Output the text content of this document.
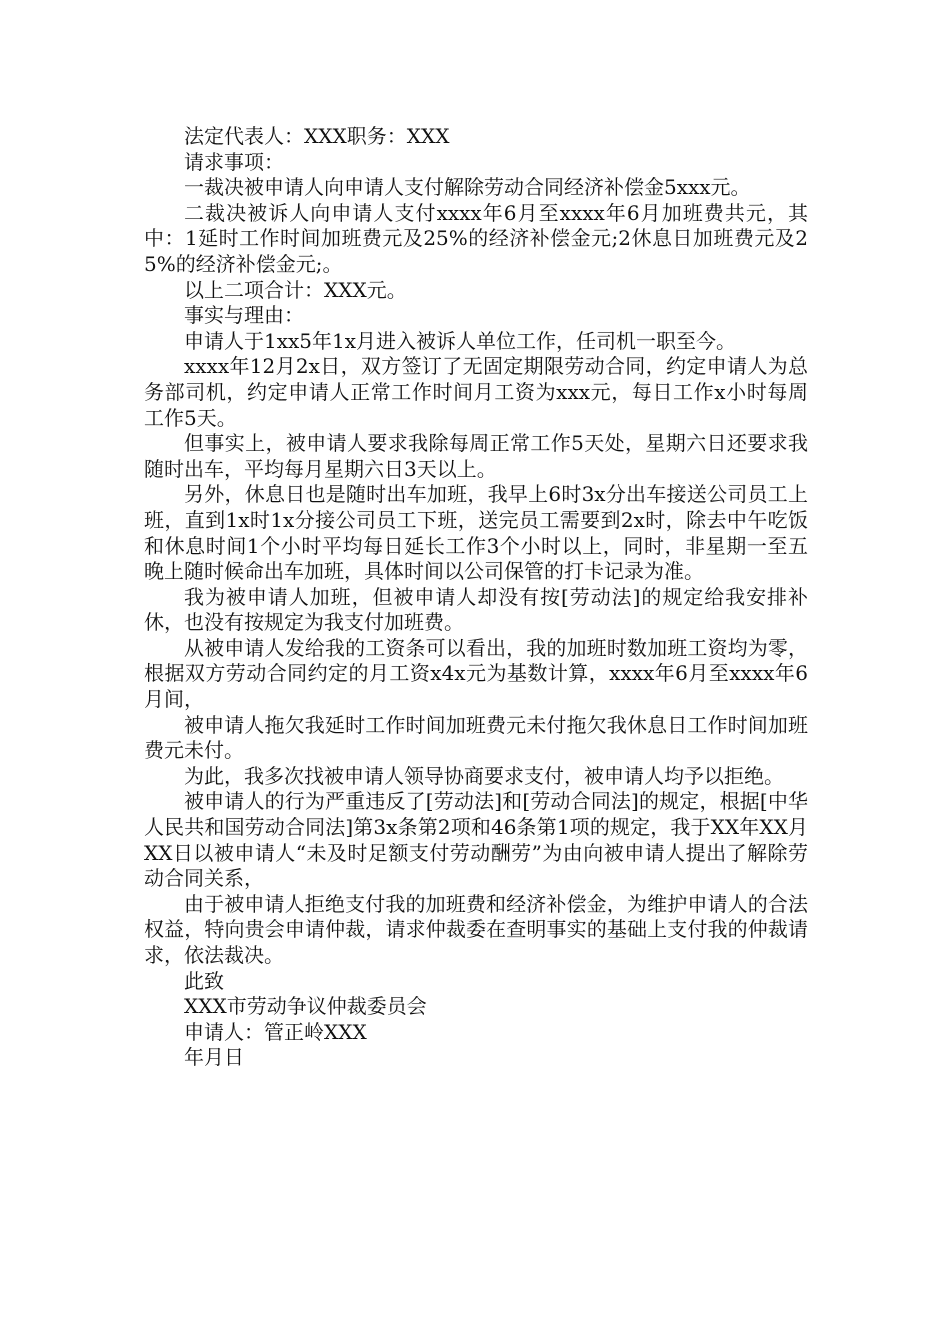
法定代表人：XXX职务：XXX

请求事项：

一裁决被申请人向申请人支付解除劳动合同经济补偿金5xxx元。

二裁决被诉人向申请人支付xxxx年6月至xxxx年6月加班费共元，其中：1延时工作时间加班费元及25%的经济补偿金元;2休息日加班费元及25%的经济补偿金元;。

以上二项合计：XXX元。

事实与理由：

申请人于1xx5年1x月进入被诉人单位工作，任司机一职至今。

xxxx年12月2x日，双方签订了无固定期限劳动合同，约定申请人为总务部司机，约定申请人正常工作时间月工资为xxx元，每日工作x小时每周工作5天。

但事实上，被申请人要求我除每周正常工作5天处，星期六日还要求我随时出车，平均每月星期六日3天以上。

另外，休息日也是随时出车加班，我早上6时3x分出车接送公司员工上班，直到1x时1x分接公司员工下班，送完员工需要到2x时，除去中午吃饭和休息时间1个小时平均每日延长工作3个小时以上，同时，非星期一至五晚上随时候命出车加班，具体时间以公司保管的打卡记录为准。

我为被申请人加班，但被申请人却没有按[劳动法]的规定给我安排补休，也没有按规定为我支付加班费。

从被申请人发给我的工资条可以看出，我的加班时数加班工资均为零，根据双方劳动合同约定的月工资x4x元为基数计算，xxxx年6月至xxxx年6月间，

被申请人拖欠我延时工作时间加班费元未付拖欠我休息日工作时间加班费元未付。

为此，我多次找被申请人领导协商要求支付，被申请人均予以拒绝。

被申请人的行为严重违反了[劳动法]和[劳动合同法]的规定，根据[中华人民共和国劳动合同法]第3x条第2项和46条第1项的规定，我于XX年XX月XX日以被申请人“未及时足额支付劳动酬劳”为由向被申请人提出了解除劳动合同关系，

由于被申请人拒绝支付我的加班费和经济补偿金，为维护申请人的合法权益，特向贵会申请仲裁，请求仲裁委在查明事实的基础上支付我的仲裁请求，依法裁决。

此致

XXX市劳动争议仲裁委员会

申请人：管正岭XXX

年月日
